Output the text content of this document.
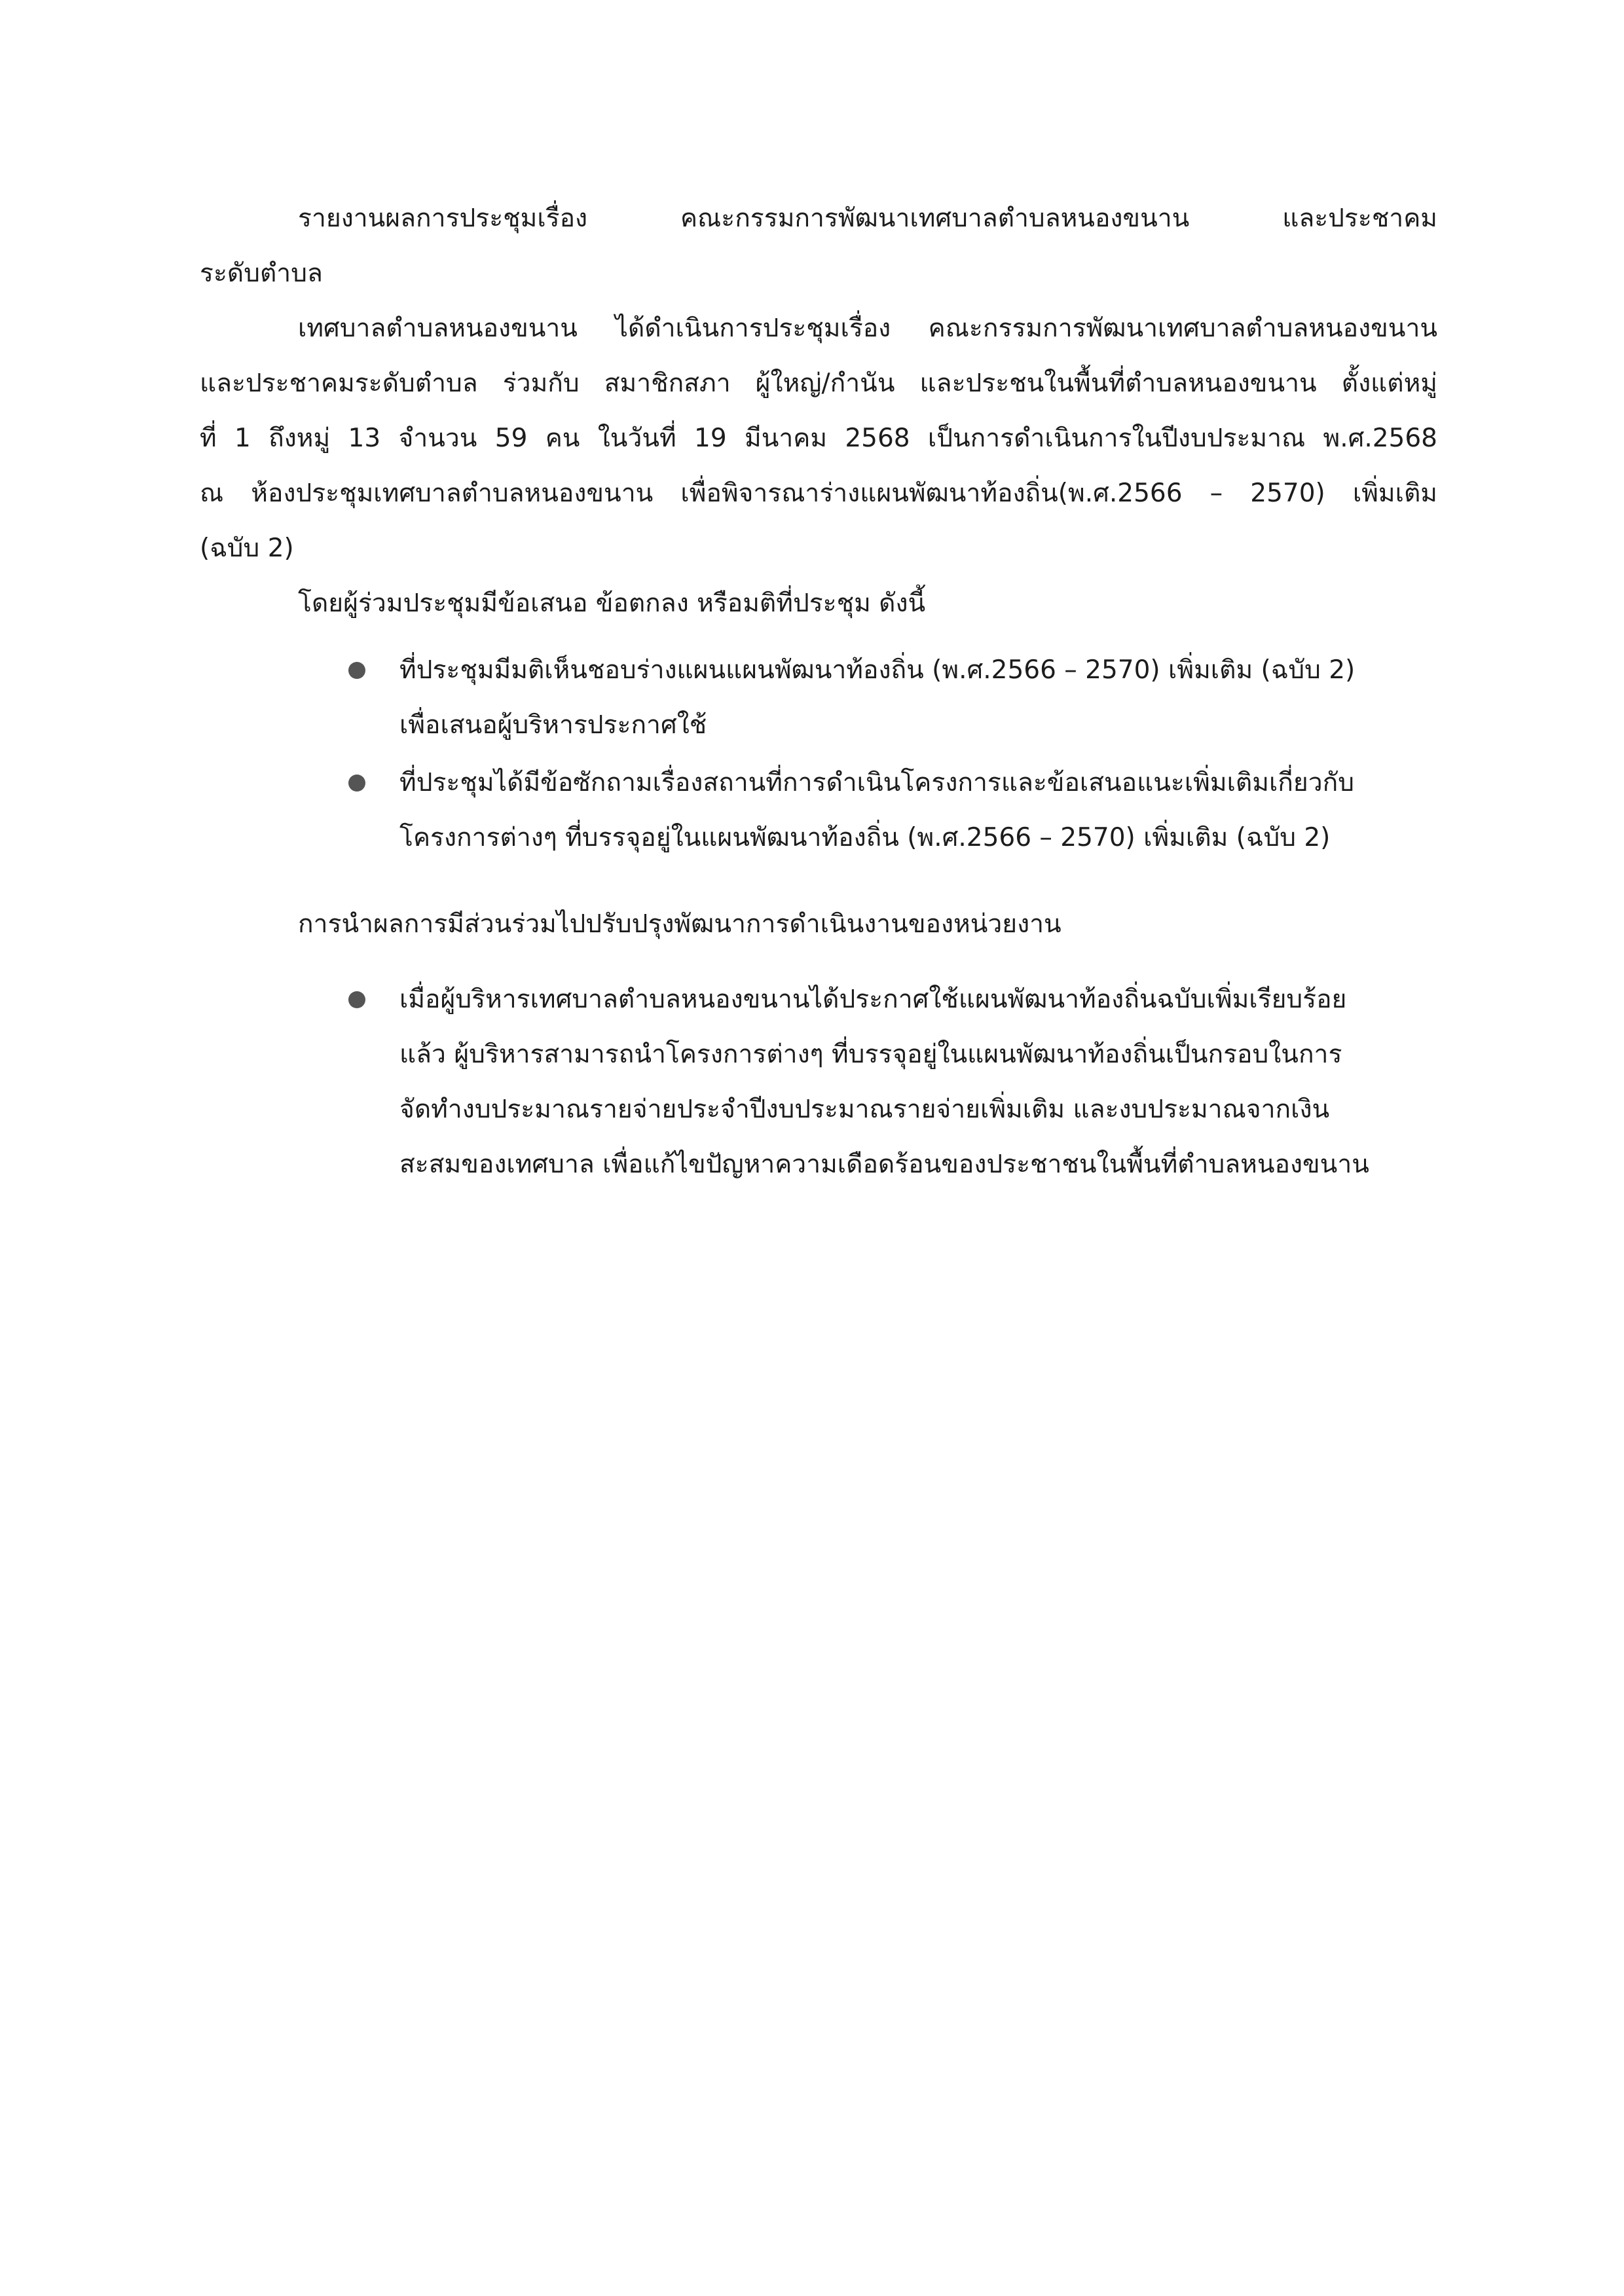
รายงานผลการประชุมเรื่อง คณะกรรมการพัฒนาเทศบาลตำบลหนองขนาน และประชาคม
ระดับตำบล
เทศบาลตำบลหนองขนาน ได้ดำเนินการประชุมเรื่อง คณะกรรมการพัฒนาเทศบาลตำบลหนองขนาน
และประชาคมระดับตำบล ร่วมกับ สมาชิกสภา ผู้ใหญ่/กำนัน และประชนในพื้นที่ตำบลหนองขนาน ตั้งแต่หมู่
ที่ 1 ถึงหมู่ 13 จำนวน 59 คน ในวันที่ 19 มีนาคม 2568 เป็นการดำเนินการในปีงบประมาณ พ.ศ.2568
ณ ห้องประชุมเทศบาลตำบลหนองขนาน เพื่อพิจารณาร่างแผนพัฒนาท้องถิ่น(พ.ศ.2566 – 2570) เพิ่มเติม
(ฉบับ 2)
โดยผู้ร่วมประชุมมีข้อเสนอ ข้อตกลง หรือมติที่ประชุม ดังนี้
ที่ประชุมมีมติเห็นชอบร่างแผนแผนพัฒนาท้องถิ่น (พ.ศ.2566 – 2570) เพิ่มเติม (ฉบับ 2)
เพื่อเสนอผู้บริหารประกาศใช้
ที่ประชุมได้มีข้อซักถามเรื่องสถานที่การดำเนินโครงการและข้อเสนอแนะเพิ่มเติมเกี่ยวกับ
โครงการต่างๆ ที่บรรจุอยู่ในแผนพัฒนาท้องถิ่น (พ.ศ.2566 – 2570) เพิ่มเติม (ฉบับ 2)
การนำผลการมีส่วนร่วมไปปรับปรุงพัฒนาการดำเนินงานของหน่วยงาน
เมื่อผู้บริหารเทศบาลตำบลหนองขนานได้ประกาศใช้แผนพัฒนาท้องถิ่นฉบับเพิ่มเรียบร้อย
แล้ว ผู้บริหารสามารถนำโครงการต่างๆ ที่บรรจุอยู่ในแผนพัฒนาท้องถิ่นเป็นกรอบในการ
จัดทำงบประมาณรายจ่ายประจำปีงบประมาณรายจ่ายเพิ่มเติม และงบประมาณจากเงิน
สะสมของเทศบาล เพื่อแก้ไขปัญหาความเดือดร้อนของประชาชนในพื้นที่ตำบลหนองขนาน
